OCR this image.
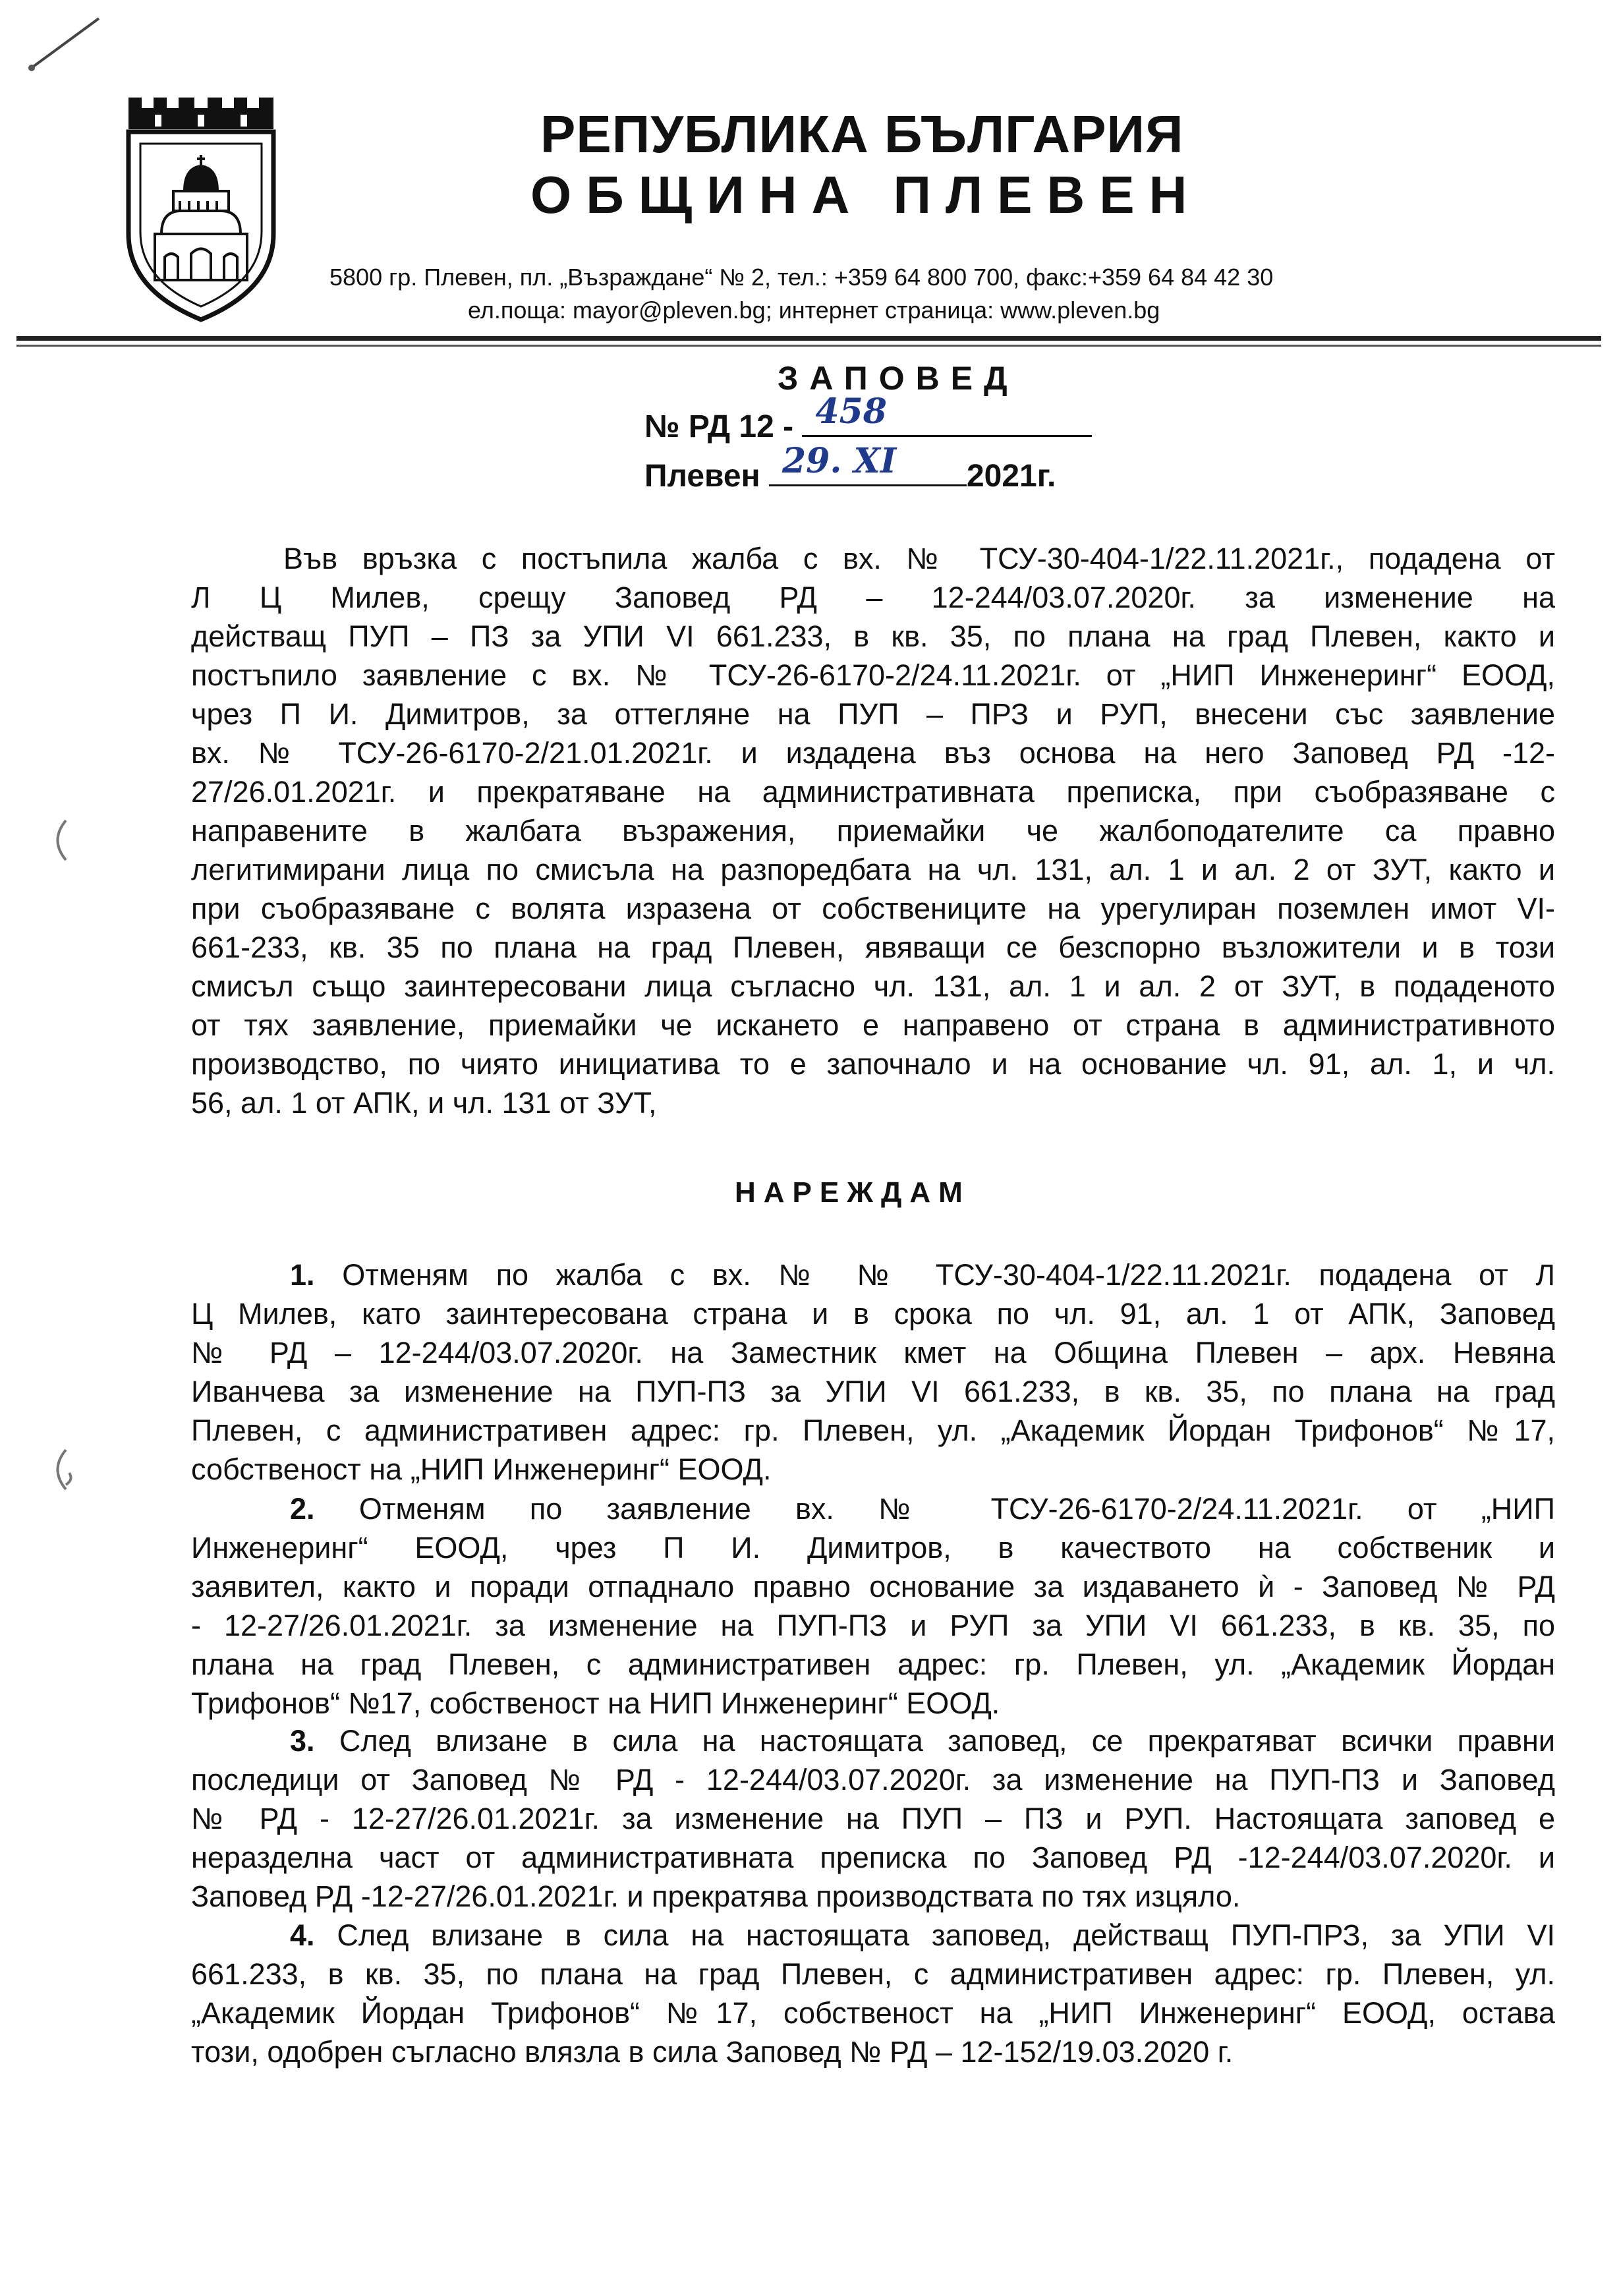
РЕПУБЛИКА БЪЛГАРИЯ
ОБЩИНА ПЛЕВЕН
5800 гр. Плевен, пл. „Възраждане“ № 2, тел.: +359 64 800 700, факс:+359 64 84 42 30
ел.поща: mayor@pleven.bg; интернет страница: www.pleven.bg
ЗАПОВЕД
№ РД 12 - 458
Плевен 29. XI 2021г.
Във връзка с постъпила жалба с вх. № ТСУ-30-404-1/22.11.2021г., подадена от
Л Ц Милев, срещу Заповед РД – 12-244/03.07.2020г. за изменение на
действащ ПУП – ПЗ за УПИ VI 661.233, в кв. 35, по плана на град Плевен, както и
постъпило заявление с вх. № ТСУ-26-6170-2/24.11.2021г. от „НИП Инженеринг“ ЕООД,
чрез П И. Димитров, за оттегляне на ПУП – ПРЗ и РУП, внесени със заявление
вх. № ТСУ-26-6170-2/21.01.2021г. и издадена въз основа на него Заповед РД -12-
27/26.01.2021г. и прекратяване на административната преписка, при съобразяване с
направените в жалбата възражения, приемайки че жалбоподателите са правно
легитимирани лица по смисъла на разпоредбата на чл. 131, ал. 1 и ал. 2 от ЗУТ, както и
при съобразяване с волята изразена от собствениците на урегулиран поземлен имот VI-
661-233, кв. 35 по плана на град Плевен, явяващи се безспорно възложители и в този
смисъл също заинтересовани лица съгласно чл. 131, ал. 1 и ал. 2 от ЗУТ, в подаденото
от тях заявление, приемайки че искането е направено от страна в административното
производство, по чиято инициатива то е започнало и на основание чл. 91, ал. 1, и чл.
56, ал. 1 от АПК, и чл. 131 от ЗУТ,
НАРЕЖДАМ
1. Отменям по жалба с вх. № № ТСУ-30-404-1/22.11.2021г. подадена от Л
Ц Милев, като заинтересована страна и в срока по чл. 91, ал. 1 от АПК, Заповед
№ РД – 12-244/03.07.2020г. на Заместник кмет на Община Плевен – арх. Невяна
Иванчева за изменение на ПУП-ПЗ за УПИ VI 661.233, в кв. 35, по плана на град
Плевен, с административен адрес: гр. Плевен, ул. „Академик Йордан Трифонов“ №17,
собственост на „НИП Инженеринг“ ЕООД.
2. Отменям по заявление вх. № ТСУ-26-6170-2/24.11.2021г. от „НИП
Инженеринг“ ЕООД, чрез П И. Димитров, в качеството на собственик и
заявител, както и поради отпаднало правно основание за издаването ѝ - Заповед № РД
- 12-27/26.01.2021г. за изменение на ПУП-ПЗ и РУП за УПИ VI 661.233, в кв. 35, по
плана на град Плевен, с административен адрес: гр. Плевен, ул. „Академик Йордан
Трифонов“ №17, собственост на НИП Инженеринг“ ЕООД.
3. След влизане в сила на настоящата заповед, се прекратяват всички правни
последици от Заповед № РД - 12-244/03.07.2020г. за изменение на ПУП-ПЗ и Заповед
№ РД - 12-27/26.01.2021г. за изменение на ПУП – ПЗ и РУП. Настоящата заповед е
неразделна част от административната преписка по Заповед РД -12-244/03.07.2020г. и
Заповед РД -12-27/26.01.2021г. и прекратява производствата по тях изцяло.
4. След влизане в сила на настоящата заповед, действащ ПУП-ПРЗ, за УПИ VI
661.233, в кв. 35, по плана на град Плевен, с административен адрес: гр. Плевен, ул.
„Академик Йордан Трифонов“ №17, собственост на „НИП Инженеринг“ ЕООД, остава
този, одобрен съгласно влязла в сила Заповед № РД – 12-152/19.03.2020 г.
